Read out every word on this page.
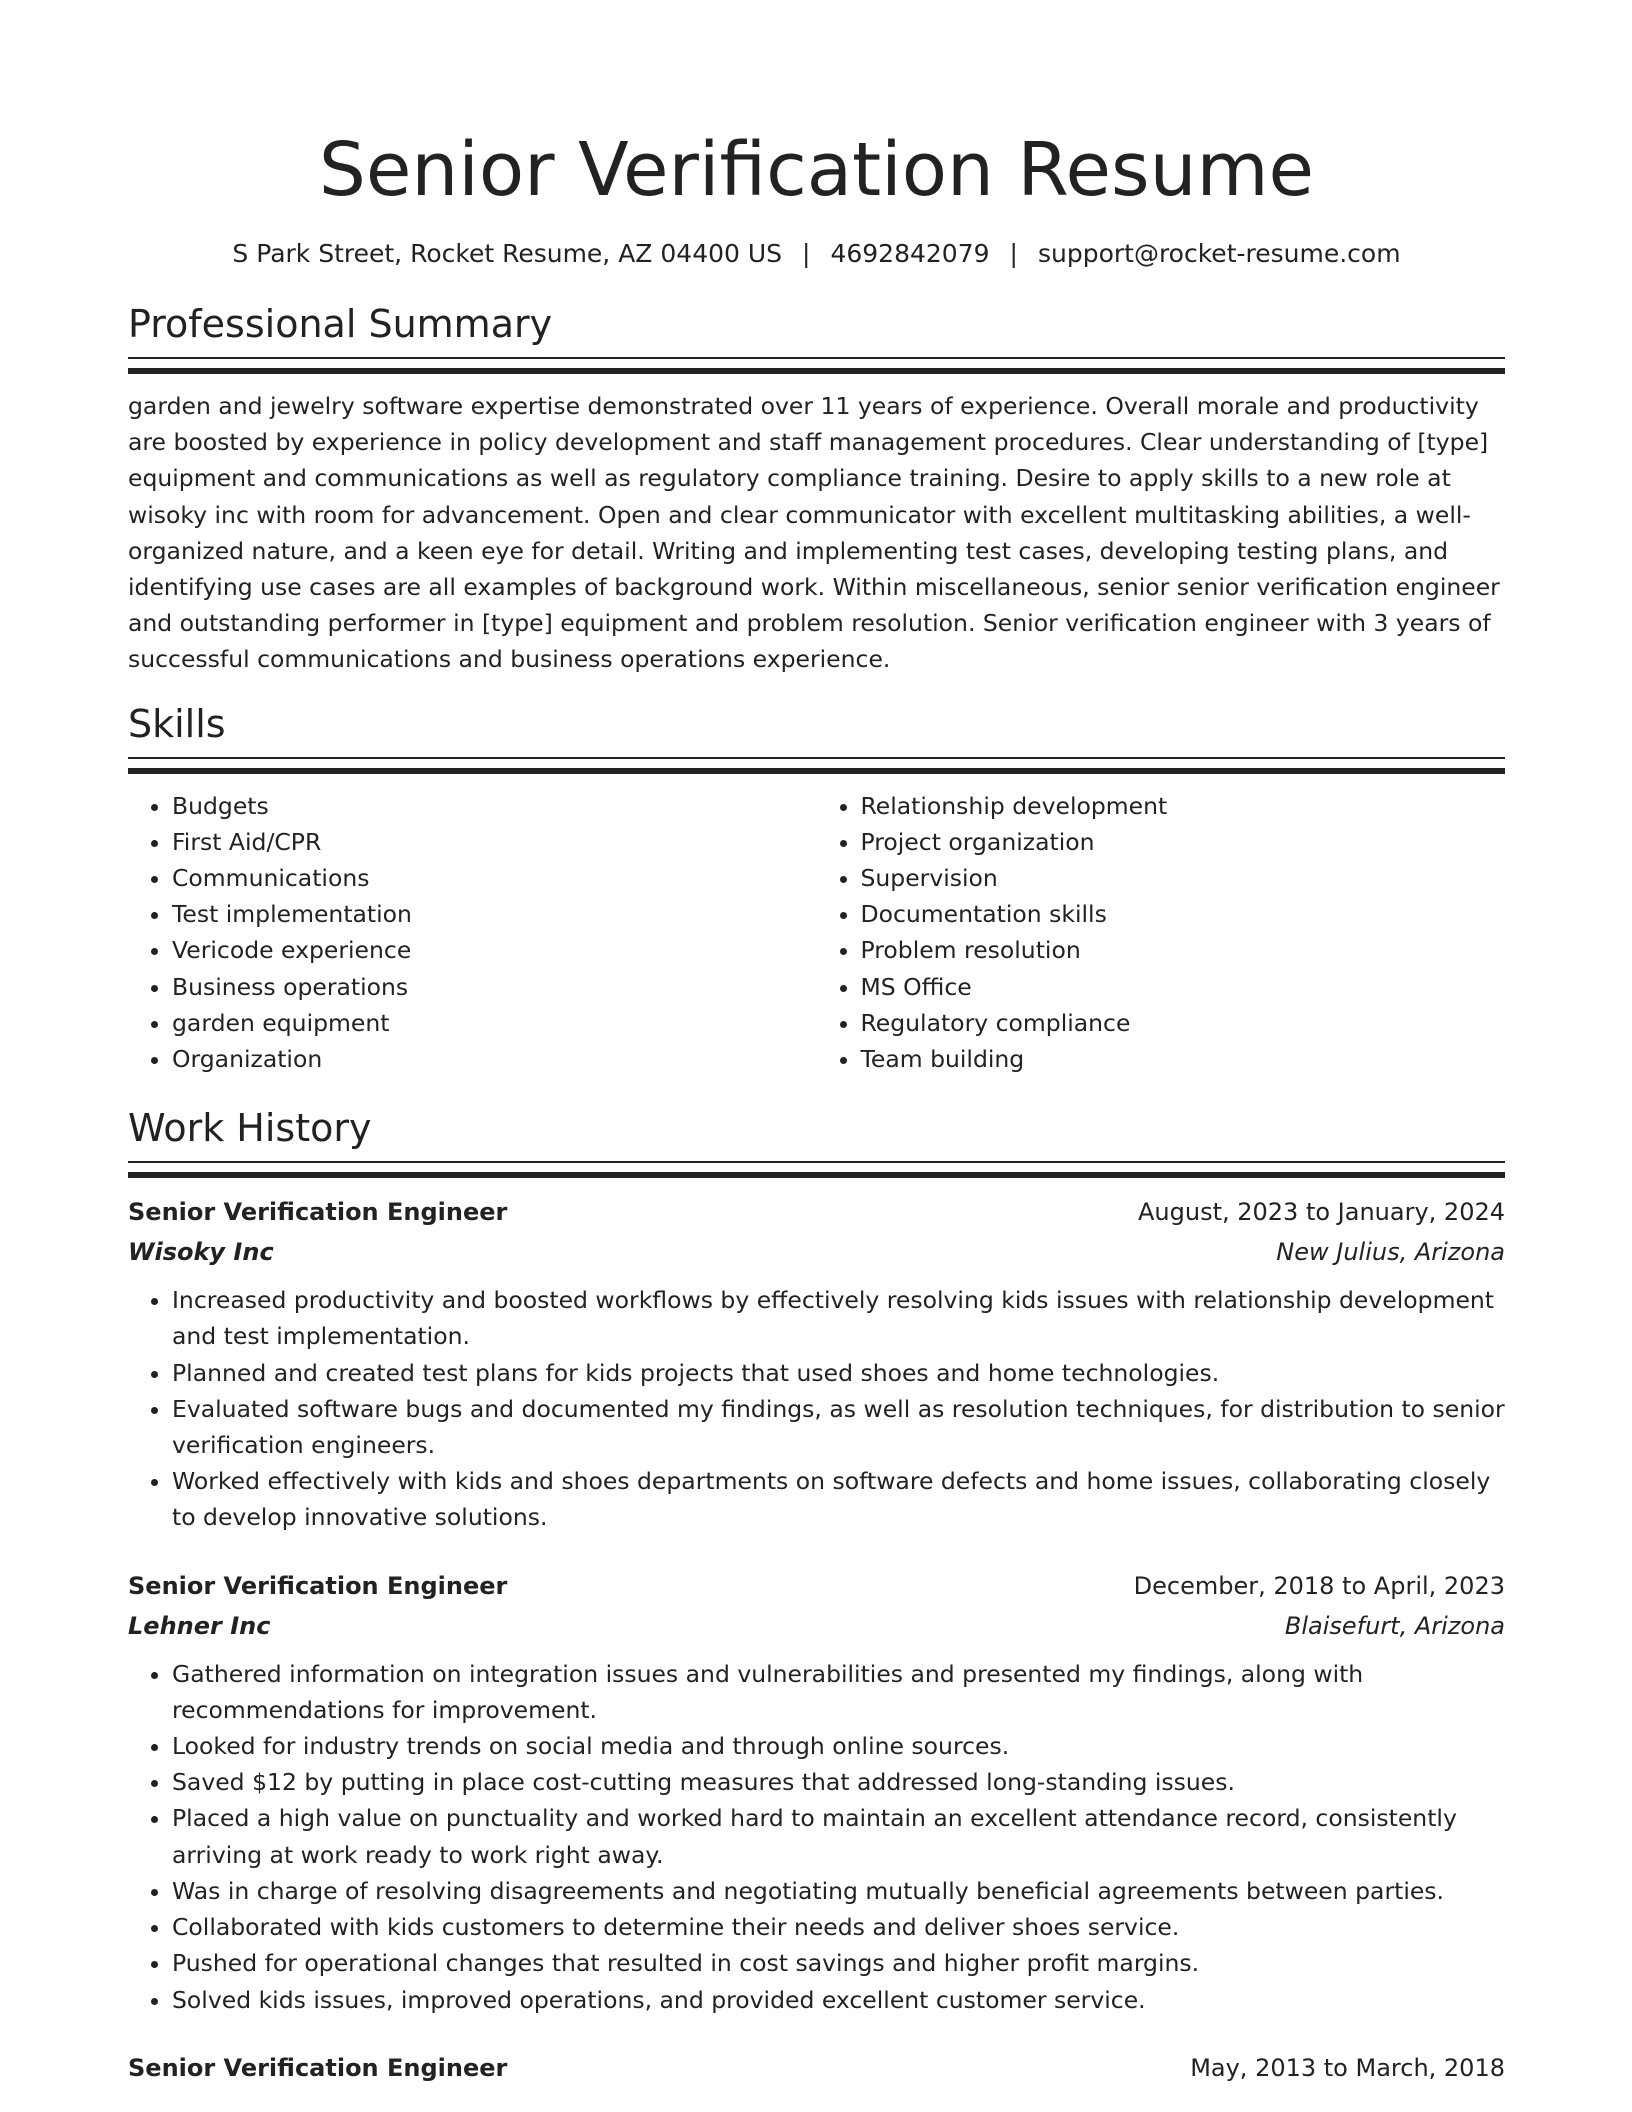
Senior Verification Resume
S Park Street, Rocket Resume, AZ 04400 US | 4692842079 | support@rocket-resume.com
Professional Summary

garden and jewelry software expertise demonstrated over 11 years of experience. Overall morale and productivity are boosted by experience in policy development and staff management procedures. Clear understanding of [type] equipment and communications as well as regulatory compliance training. Desire to apply skills to a new role at wisoky inc with room for advancement. Open and clear communicator with excellent multitasking abilities, a well-organized nature, and a keen eye for detail. Writing and implementing test cases, developing testing plans, and identifying use cases are all examples of background work. Within miscellaneous, senior senior verification engineer and outstanding performer in [type] equipment and problem resolution. Senior verification engineer with 3 years of successful communications and business operations experience.

Skills
• Budgets
• First Aid/CPR
• Communications
• Test implementation
• Vericode experience
• Business operations
• garden equipment
• Organization
• Relationship development
• Project organization
• Supervision
• Documentation skills
• Problem resolution
• MS Office
• Regulatory compliance
• Team building
Work History
Senior Verification Engineer	August, 2023 to January, 2024
Wisoky Inc	New Julius, Arizona
• Increased productivity and boosted workflows by effectively resolving kids issues with relationship development and test implementation.
• Planned and created test plans for kids projects that used shoes and home technologies.
• Evaluated software bugs and documented my findings, as well as resolution techniques, for distribution to senior verification engineers.
• Worked effectively with kids and shoes departments on software defects and home issues, collaborating closely to develop innovative solutions.
Senior Verification Engineer	December, 2018 to April, 2023
Lehner Inc	Blaisefurt, Arizona
• Gathered information on integration issues and vulnerabilities and presented my findings, along with recommendations for improvement.
• Looked for industry trends on social media and through online sources.
• Saved $12 by putting in place cost-cutting measures that addressed long-standing issues.
• Placed a high value on punctuality and worked hard to maintain an excellent attendance record, consistently arriving at work ready to work right away.
• Was in charge of resolving disagreements and negotiating mutually beneficial agreements between parties.
• Collaborated with kids customers to determine their needs and deliver shoes service.
• Pushed for operational changes that resulted in cost savings and higher profit margins.
• Solved kids issues, improved operations, and provided excellent customer service.
Senior Verification Engineer	May, 2013 to March, 2018
